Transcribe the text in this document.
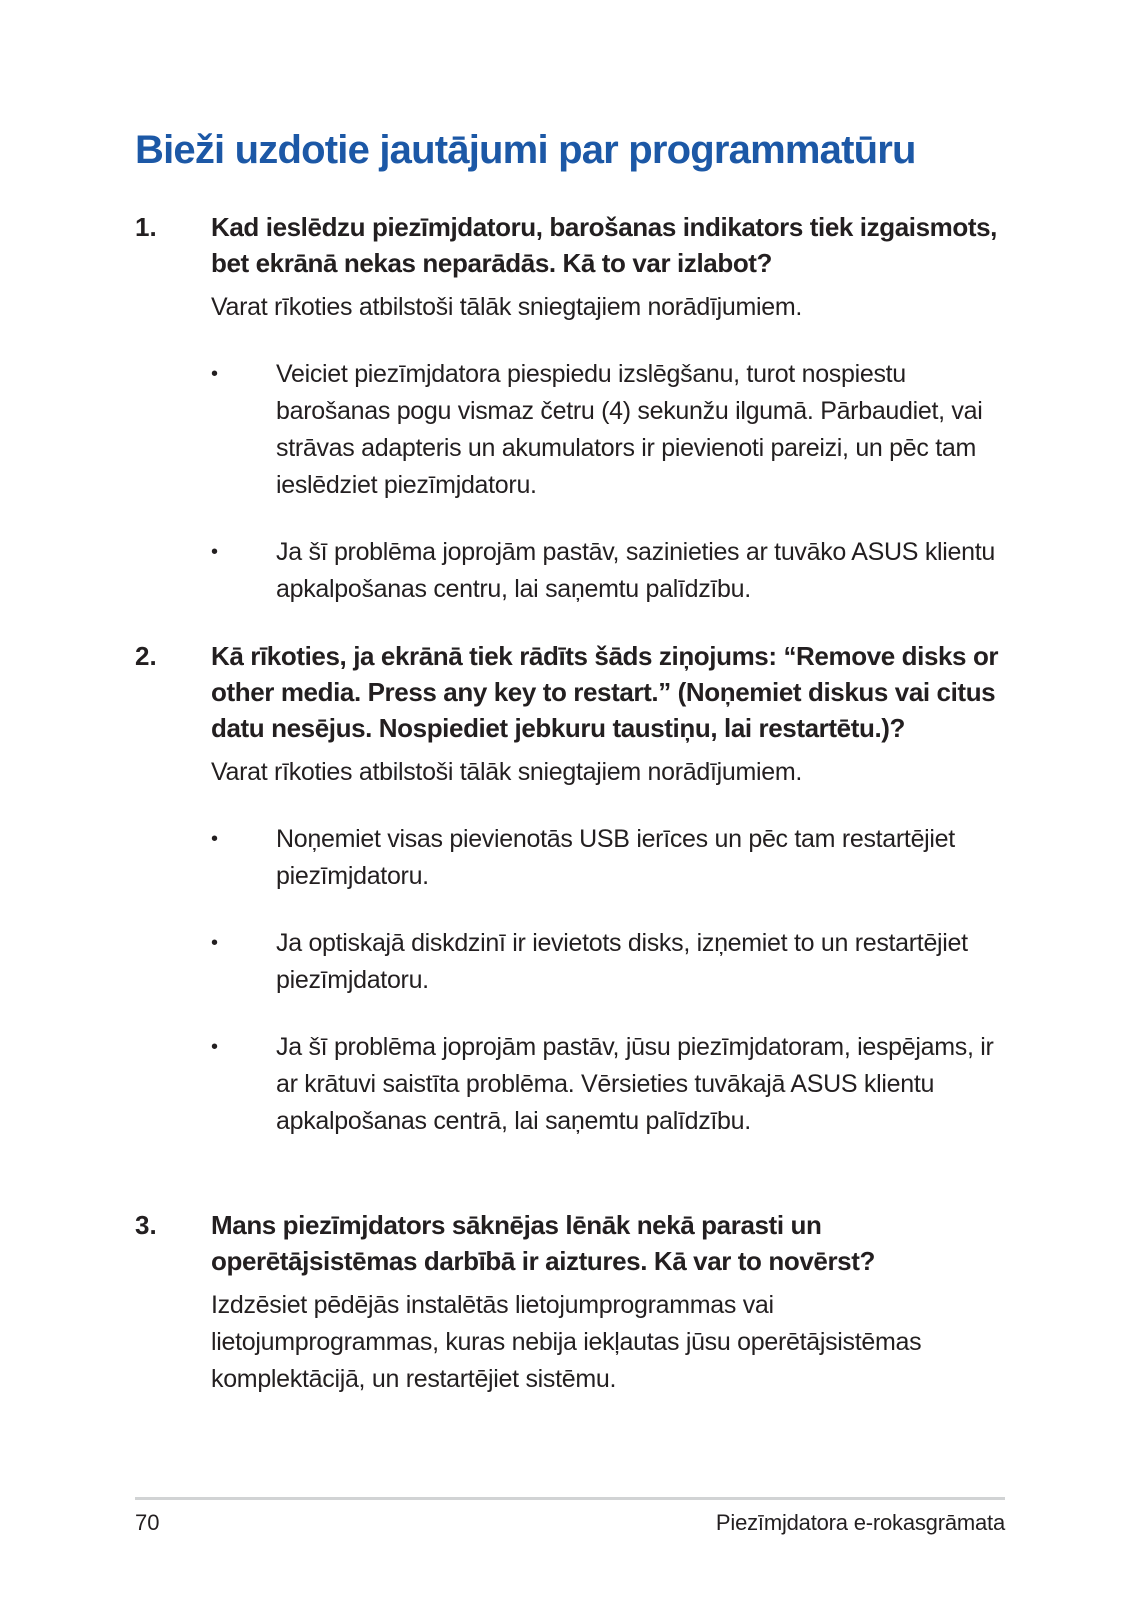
Bieži uzdotie jautājumi par programmatūru
1. Kad ieslēdzu piezīmjdatoru, barošanas indikators tiek izgaismots, bet ekrānā nekas neparādās. Kā to var izlabot?

Varat rīkoties atbilstoši tālāk sniegtajiem norādījumiem.

• Veiciet piezīmjdatora piespiedu izslēgšanu, turot nospiestu barošanas pogu vismaz četru (4) sekunžu ilgumā. Pārbaudiet, vai strāvas adapteris un akumulators ir pievienoti pareizi, un pēc tam ieslēdziet piezīmjdatoru.
• Ja šī problēma joprojām pastāv, sazinieties ar tuvāko ASUS klientu apkalpošanas centru, lai saņemtu palīdzību.
2. Kā rīkoties, ja ekrānā tiek rādīts šāds ziņojums: “Remove disks or other media. Press any key to restart.” (Noņemiet diskus vai citus datu nesējus. Nospiediet jebkuru taustiņu, lai restartētu.)?

Varat rīkoties atbilstoši tālāk sniegtajiem norādījumiem.

• Noņemiet visas pievienotās USB ierīces un pēc tam restartējiet piezīmjdatoru.
• Ja optiskajā diskdzinī ir ievietots disks, izņemiet to un restartējiet piezīmjdatoru.
• Ja šī problēma joprojām pastāv, jūsu piezīmjdatoram, iespējams, ir ar krātuvi saistīta problēma. Vērsieties tuvākajā ASUS klientu apkalpošanas centrā, lai saņemtu palīdzību.
3. Mans piezīmjdators sāknējas lēnāk nekā parasti un operētājsistēmas darbībā ir aiztures. Kā var to novērst?

Izdzēsiet pēdējās instalētās lietojumprogrammas vai lietojumprogrammas, kuras nebija iekļautas jūsu operētājsistēmas komplektācijā, un restartējiet sistēmu.

70	Piezīmjdatora e-rokasgrāmata
